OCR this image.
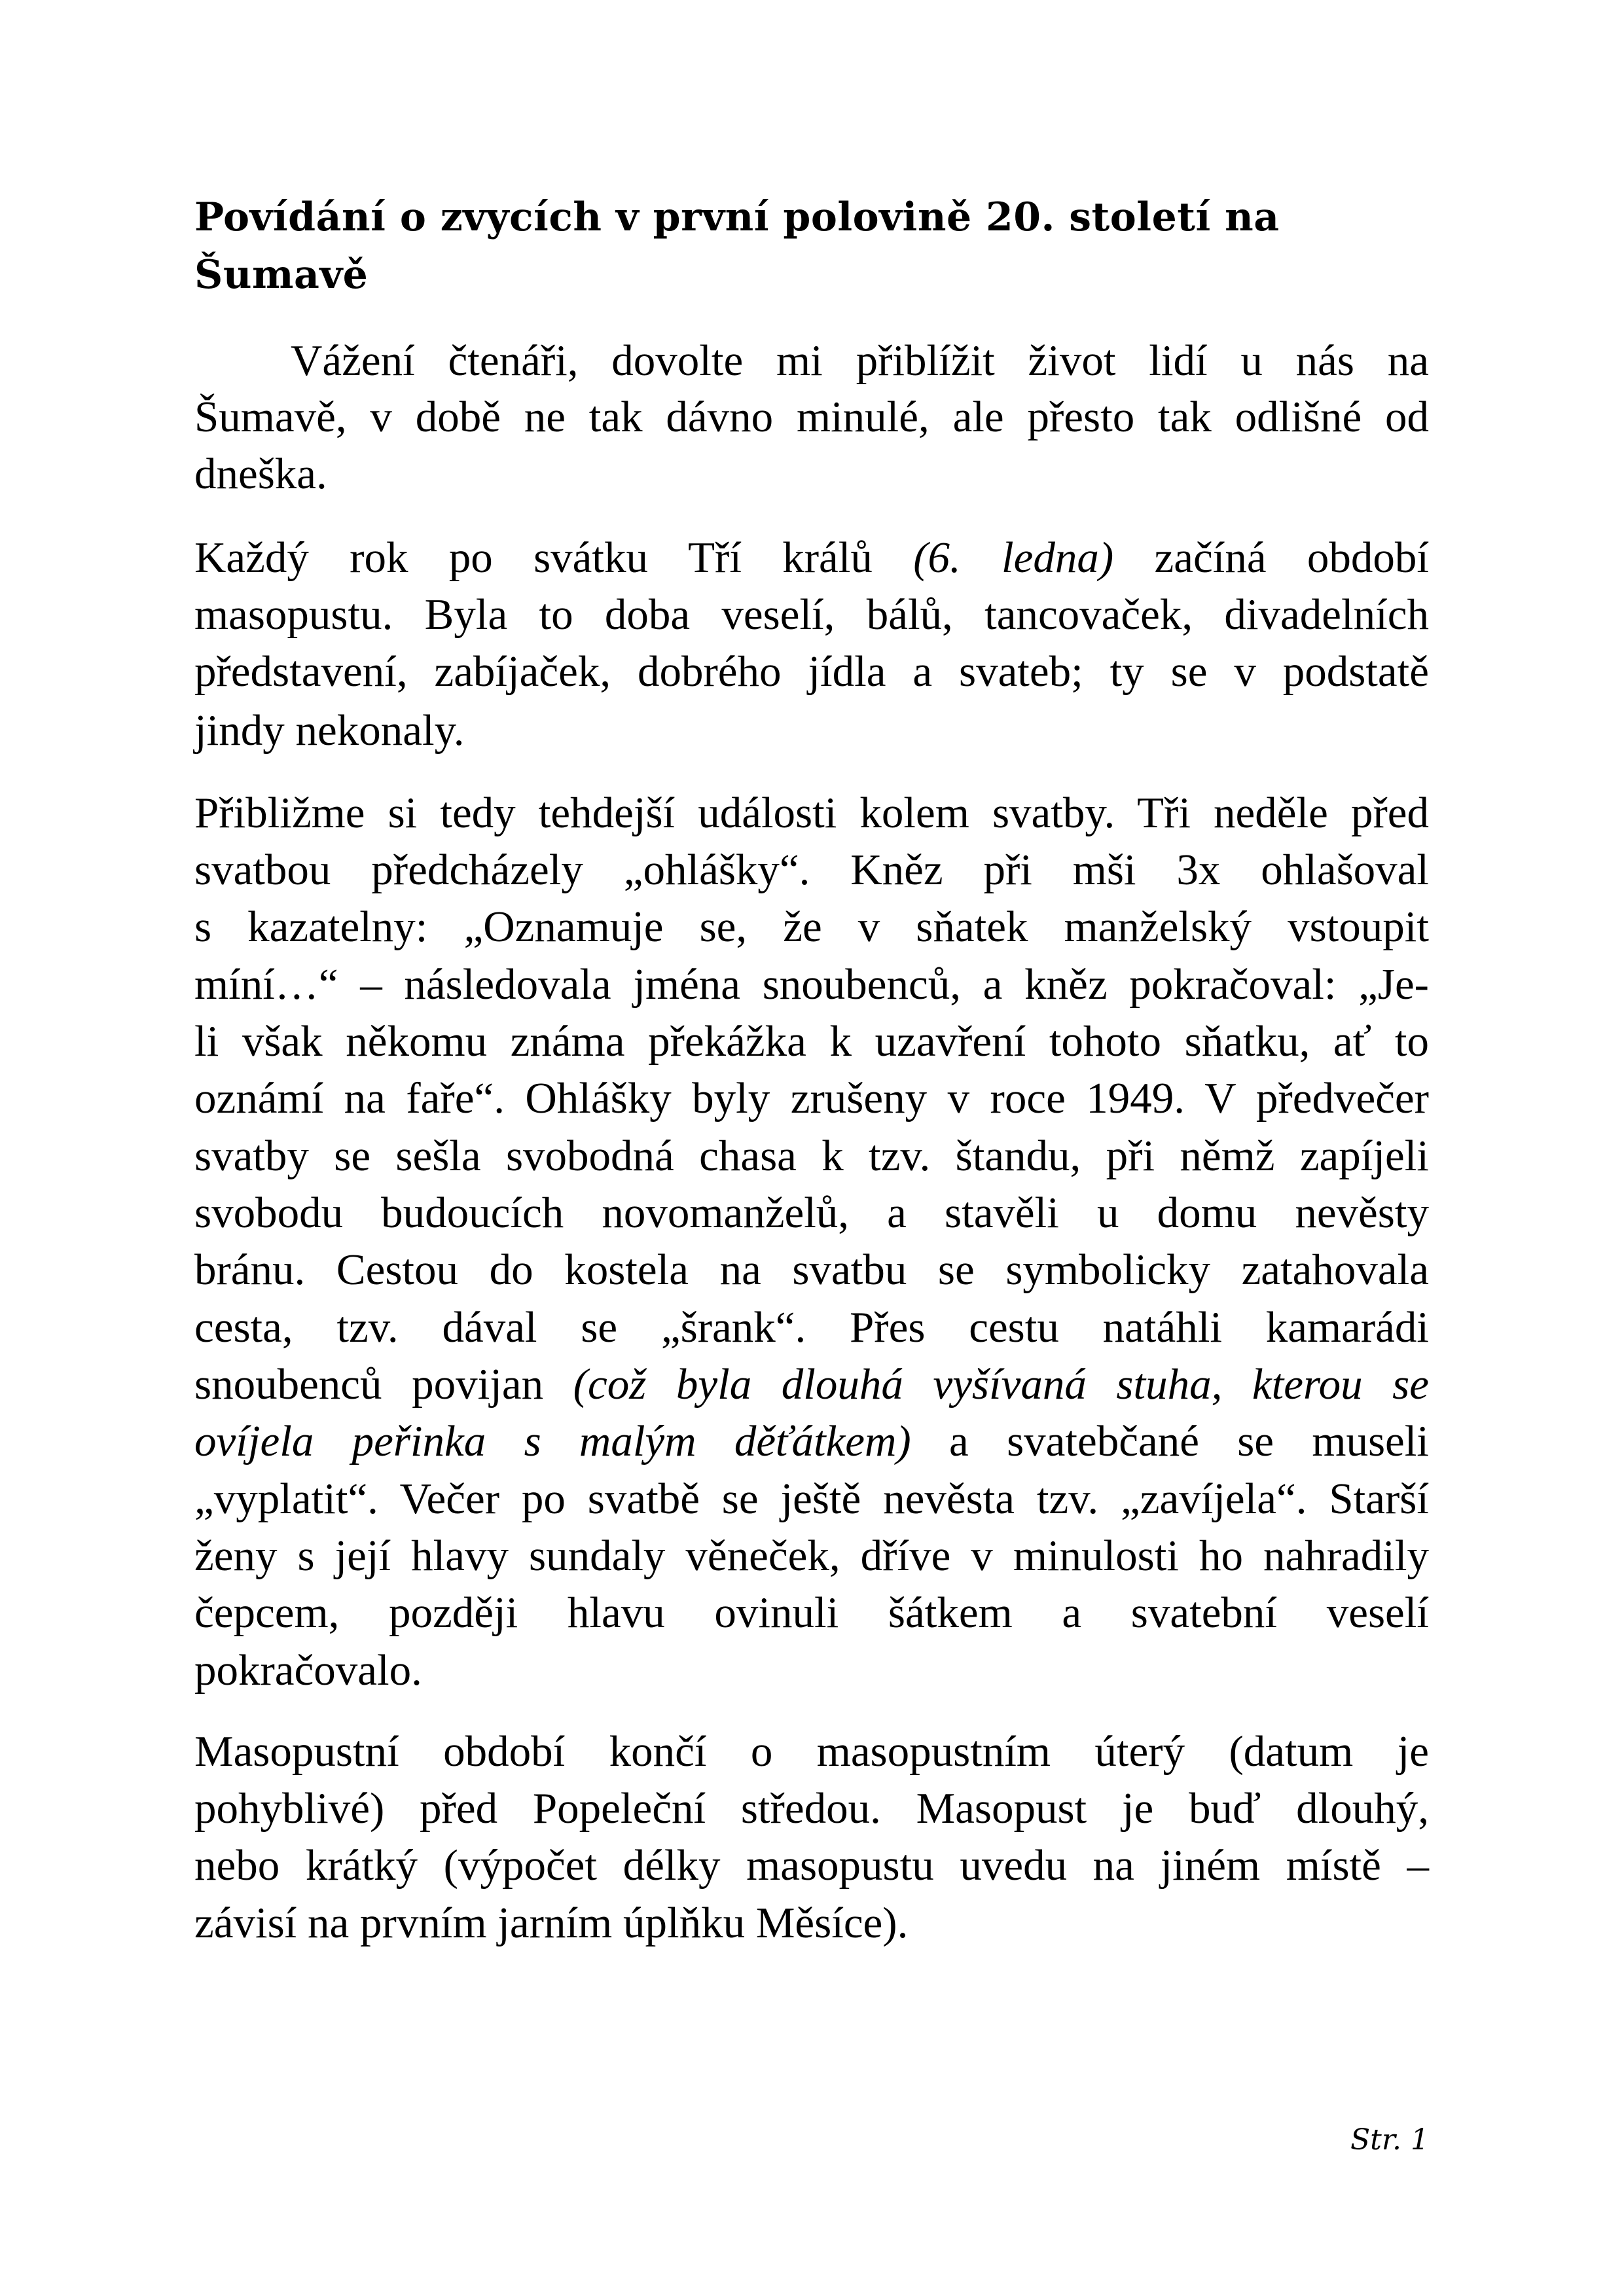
Povídání o zvycích v první polovině 20. století na
Šumavě
Vážení čtenáři, dovolte mi přiblížit život lidí u nás na
Šumavě, v době ne tak dávno minulé, ale přesto tak odlišné od
dneška.
Každý rok po svátku Tří králů (6. ledna) začíná období
masopustu. Byla to doba veselí, bálů, tancovaček, divadelních
představení, zabíjaček, dobrého jídla a svateb; ty se v podstatě
jindy nekonaly.
Přibližme si tedy tehdejší události kolem svatby. Tři neděle před
svatbou předcházely „ohlášky“. Kněz při mši 3x ohlašoval
s kazatelny: „Oznamuje se, že v sňatek manželský vstoupit
míní…“ – následovala jména snoubenců, a kněz pokračoval: „Je-
li však někomu známa překážka k uzavření tohoto sňatku, ať to
oznámí na faře“. Ohlášky byly zrušeny v roce 1949. V předvečer
svatby se sešla svobodná chasa k tzv. štandu, při němž zapíjeli
svobodu budoucích novomanželů, a stavěli u domu nevěsty
bránu. Cestou do kostela na svatbu se symbolicky zatahovala
cesta, tzv. dával se „šrank“. Přes cestu natáhli kamarádi
snoubenců povijan (což byla dlouhá vyšívaná stuha, kterou se
ovíjela peřinka s malým děťátkem) a svatebčané se museli
„vyplatit“. Večer po svatbě se ještě nevěsta tzv. „zavíjela“. Starší
ženy s její hlavy sundaly věneček, dříve v minulosti ho nahradily
čepcem, později hlavu ovinuli šátkem a svatební veselí
pokračovalo.
Masopustní období končí o masopustním úterý (datum je
pohyblivé) před Popeleční středou. Masopust je buď dlouhý,
nebo krátký (výpočet délky masopustu uvedu na jiném místě –
závisí na prvním jarním úplňku Měsíce).
Str. 1
